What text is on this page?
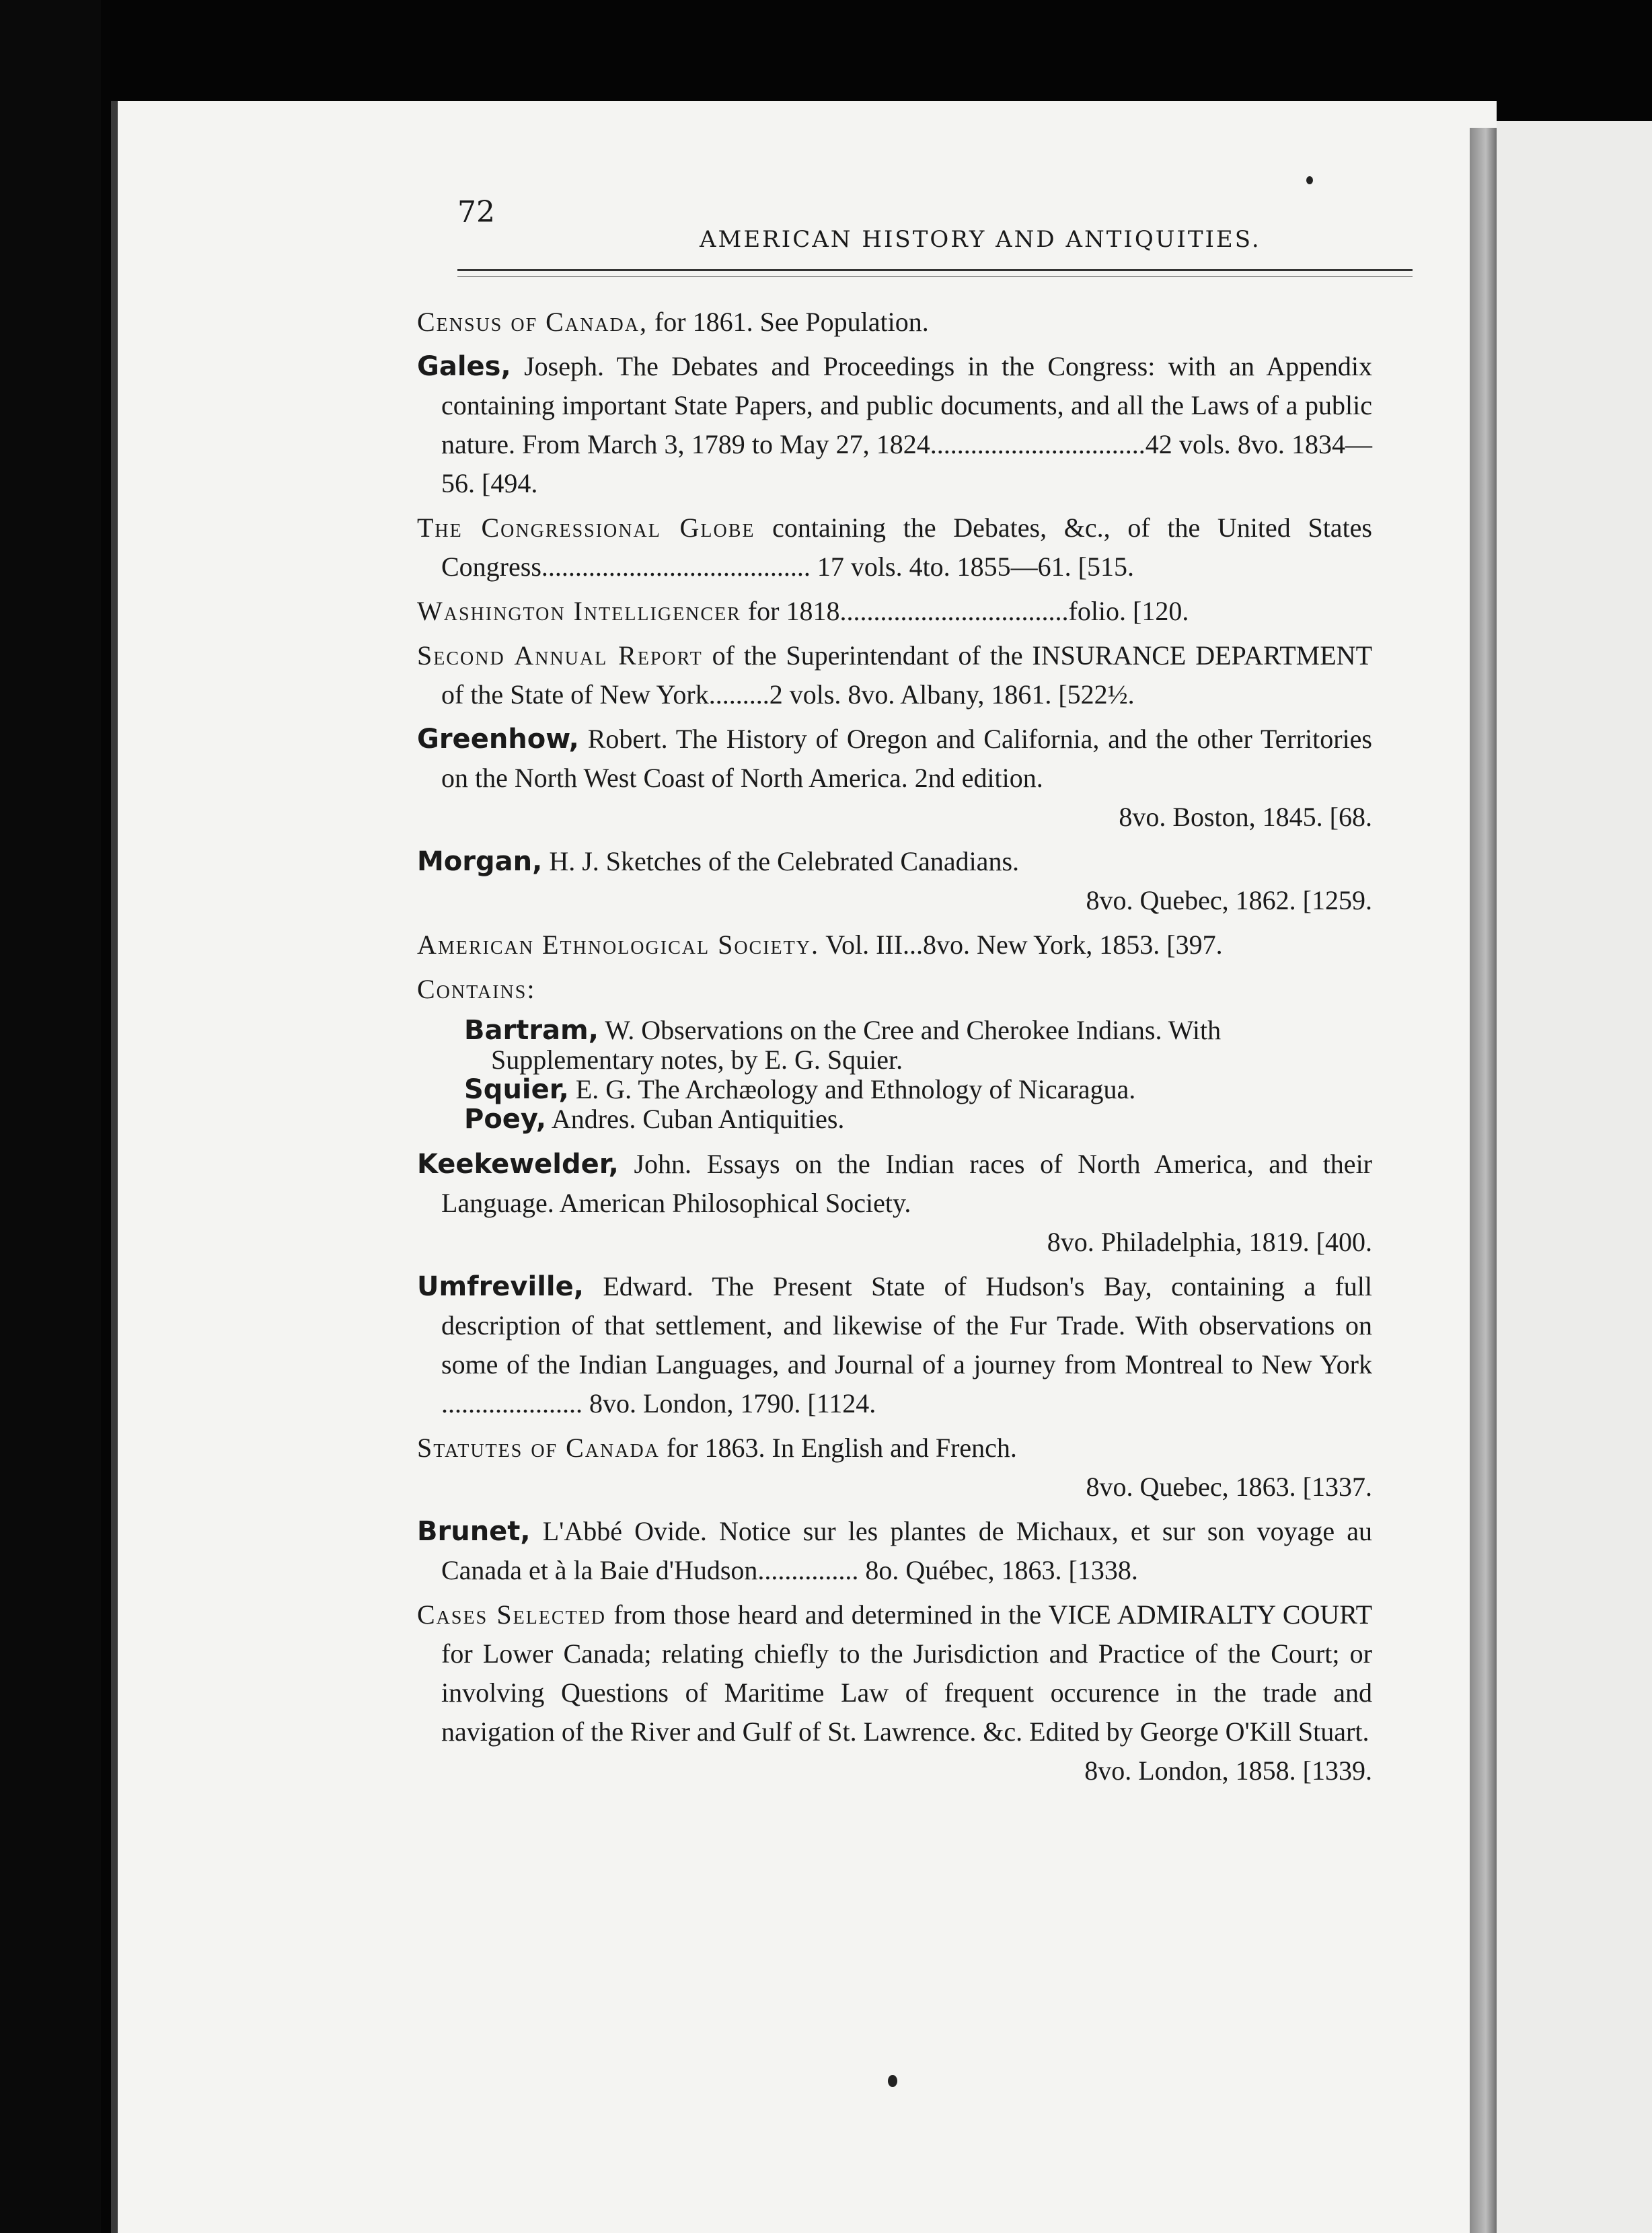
72
AMERICAN HISTORY AND ANTIQUITIES.

Census of Canada, for 1861. See Population.

Gales, Joseph. The Debates and Proceedings in the Congress: with an Appendix containing important State Papers, and public documents, and all the Laws of a public nature. From March 3, 1789 to May 27, 1824................................42 vols. 8vo. 1834—56. [494.

The Congressional Globe containing the Debates, &c., of the United States Congress........................................ 17 vols. 4to. 1855—61. [515.

Washington Intelligencer for 1818..................................folio. [120.

Second Annual Report of the Superintendant of the INSURANCE DEPARTMENT of the State of New York.........2 vols. 8vo. Albany, 1861. [522½.

Greenhow, Robert. The History of Oregon and California, and the other Territories on the North West Coast of North America. 2nd edition.
8vo. Boston, 1845. [68.

Morgan, H. J. Sketches of the Celebrated Canadians.
8vo. Quebec, 1862. [1259.

American Ethnological Society. Vol. III...8vo. New York, 1853. [397.

Contains:

Bartram, W. Observations on the Cree and Cherokee Indians. With Supplementary notes, by E. G. Squier.

Squier, E. G. The Archæology and Ethnology of Nicaragua.

Poey, Andres. Cuban Antiquities.

Keekewelder, John. Essays on the Indian races of North America, and their Language. American Philosophical Society.
8vo. Philadelphia, 1819. [400.

Umfreville, Edward. The Present State of Hudson's Bay, containing a full description of that settlement, and likewise of the Fur Trade. With observations on some of the Indian Languages, and Journal of a journey from Montreal to New York ..................... 8vo. London, 1790. [1124.

Statutes of Canada for 1863. In English and French.
8vo. Quebec, 1863. [1337.

Brunet, L'Abbé Ovide. Notice sur les plantes de Michaux, et sur son voyage au Canada et à la Baie d'Hudson............... 8o. Québec, 1863. [1338.

Cases Selected from those heard and determined in the VICE ADMIRALTY COURT for Lower Canada; relating chiefly to the Jurisdiction and Practice of the Court; or involving Questions of Maritime Law of frequent occurence in the trade and navigation of the River and Gulf of St. Lawrence. &c. Edited by George O'Kill Stuart.
8vo. London, 1858. [1339.
